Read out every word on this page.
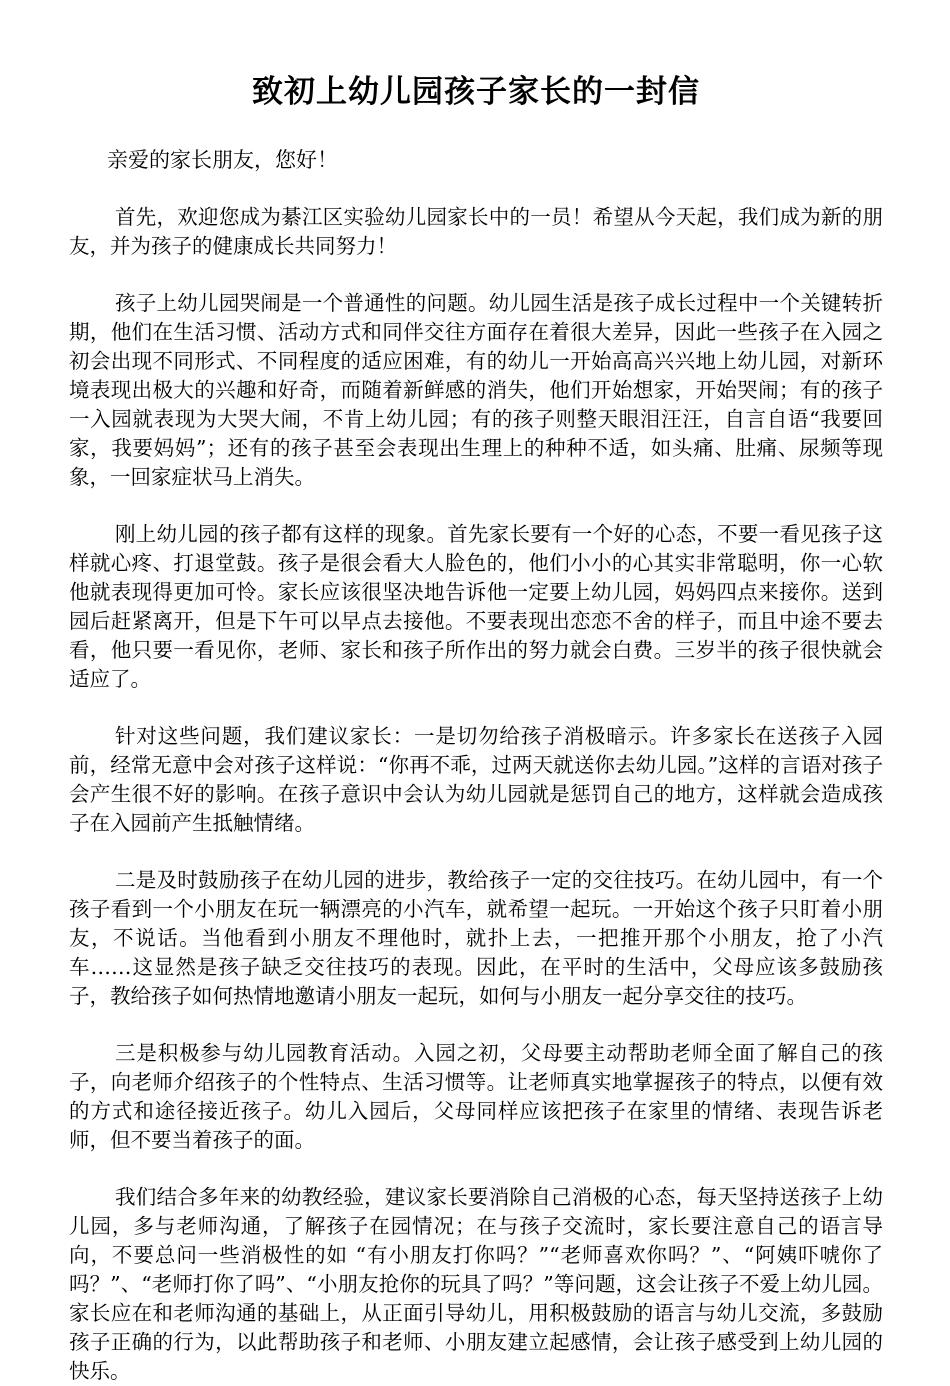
致初上幼儿园孩子家长的一封信

亲爱的家长朋友，您好！

首先，欢迎您成为綦江区实验幼儿园家长中的一员！希望从今天起，我们成为新的朋友，并为孩子的健康成长共同努力！

孩子上幼儿园哭闹是一个普通性的问题。幼儿园生活是孩子成长过程中一个关键转折期，他们在生活习惯、活动方式和同伴交往方面存在着很大差异，因此一些孩子在入园之初会出现不同形式、不同程度的适应困难，有的幼儿一开始高高兴兴地上幼儿园，对新环境表现出极大的兴趣和好奇，而随着新鲜感的消失，他们开始想家，开始哭闹；有的孩子一入园就表现为大哭大闹，不肯上幼儿园；有的孩子则整天眼泪汪汪，自言自语“我要回家，我要妈妈”；还有的孩子甚至会表现出生理上的种种不适，如头痛、肚痛、尿频等现象，一回家症状马上消失。

刚上幼儿园的孩子都有这样的现象。首先家长要有一个好的心态，不要一看见孩子这样就心疼、打退堂鼓。孩子是很会看大人脸色的，他们小小的心其实非常聪明，你一心软他就表现得更加可怜。家长应该很坚决地告诉他一定要上幼儿园，妈妈四点来接你。送到园后赶紧离开，但是下午可以早点去接他。不要表现出恋恋不舍的样子，而且中途不要去看，他只要一看见你，老师、家长和孩子所作出的努力就会白费。三岁半的孩子很快就会适应了。

针对这些问题，我们建议家长：一是切勿给孩子消极暗示。许多家长在送孩子入园前，经常无意中会对孩子这样说：“你再不乖，过两天就送你去幼儿园。”这样的言语对孩子会产生很不好的影响。在孩子意识中会认为幼儿园就是惩罚自己的地方，这样就会造成孩子在入园前产生抵触情绪。

二是及时鼓励孩子在幼儿园的进步，教给孩子一定的交往技巧。在幼儿园中，有一个孩子看到一个小朋友在玩一辆漂亮的小汽车，就希望一起玩。一开始这个孩子只盯着小朋友，不说话。当他看到小朋友不理他时，就扑上去，一把推开那个小朋友，抢了小汽车……这显然是孩子缺乏交往技巧的表现。因此，在平时的生活中，父母应该多鼓励孩子，教给孩子如何热情地邀请小朋友一起玩，如何与小朋友一起分享交往的技巧。

三是积极参与幼儿园教育活动。入园之初，父母要主动帮助老师全面了解自己的孩子，向老师介绍孩子的个性特点、生活习惯等。让老师真实地掌握孩子的特点，以便有效的方式和途径接近孩子。幼儿入园后，父母同样应该把孩子在家里的情绪、表现告诉老师，但不要当着孩子的面。

我们结合多年来的幼教经验，建议家长要消除自己消极的心态，每天坚持送孩子上幼儿园，多与老师沟通，了解孩子在园情况；在与孩子交流时，家长要注意自己的语言导向，不要总问一些消极性的如 “有小朋友打你吗？”“老师喜欢你吗？”、“阿姨吓唬你了吗？”、“老师打你了吗”、“小朋友抢你的玩具了吗？”等问题，这会让孩子不爱上幼儿园。家长应在和老师沟通的基础上，从正面引导幼儿，用积极鼓励的语言与幼儿交流，多鼓励孩子正确的行为，以此帮助孩子和老师、小朋友建立起感情，会让孩子感受到上幼儿园的快乐。
